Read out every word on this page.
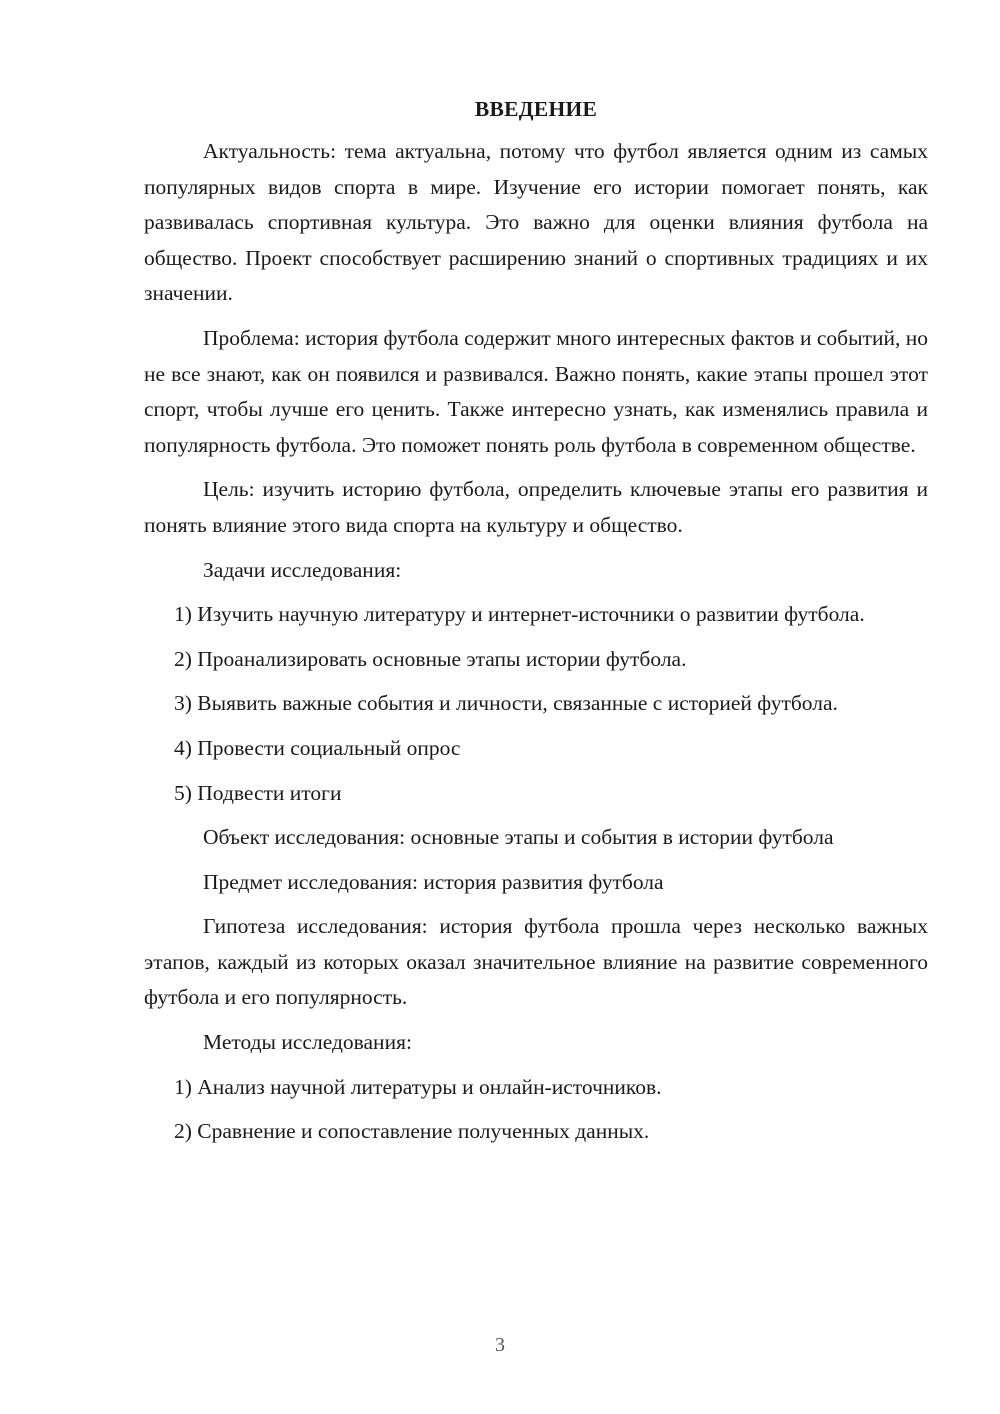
ВВЕДЕНИЕ

Актуальность: тема актуальна, потому что футбол является одним из самых популярных видов спорта в мире. Изучение его истории помогает понять, как развивалась спортивная культура. Это важно для оценки влияния футбола на общество. Проект способствует расширению знаний о спортивных традициях и их значении.

Проблема: история футбола содержит много интересных фактов и событий, но не все знают, как он появился и развивался. Важно понять, какие этапы прошел этот спорт, чтобы лучше его ценить. Также интересно узнать, как изменялись правила и популярность футбола. Это поможет понять роль футбола в современном обществе.

Цель: изучить историю футбола, определить ключевые этапы его развития и понять влияние этого вида спорта на культуру и общество.

Задачи исследования:

1) Изучить научную литературу и интернет-источники о развитии футбола.

2) Проанализировать основные этапы истории футбола.

3) Выявить важные события и личности, связанные с историей футбола.

4) Провести социальный опрос

5) Подвести итоги

Объект исследования: основные этапы и события в истории футбола

Предмет исследования: история развития футбола

Гипотеза исследования: история футбола прошла через несколько важных этапов, каждый из которых оказал значительное влияние на развитие современного футбола и его популярность.

Методы исследования:

1) Анализ научной литературы и онлайн-источников.

2) Сравнение и сопоставление полученных данных.

3
